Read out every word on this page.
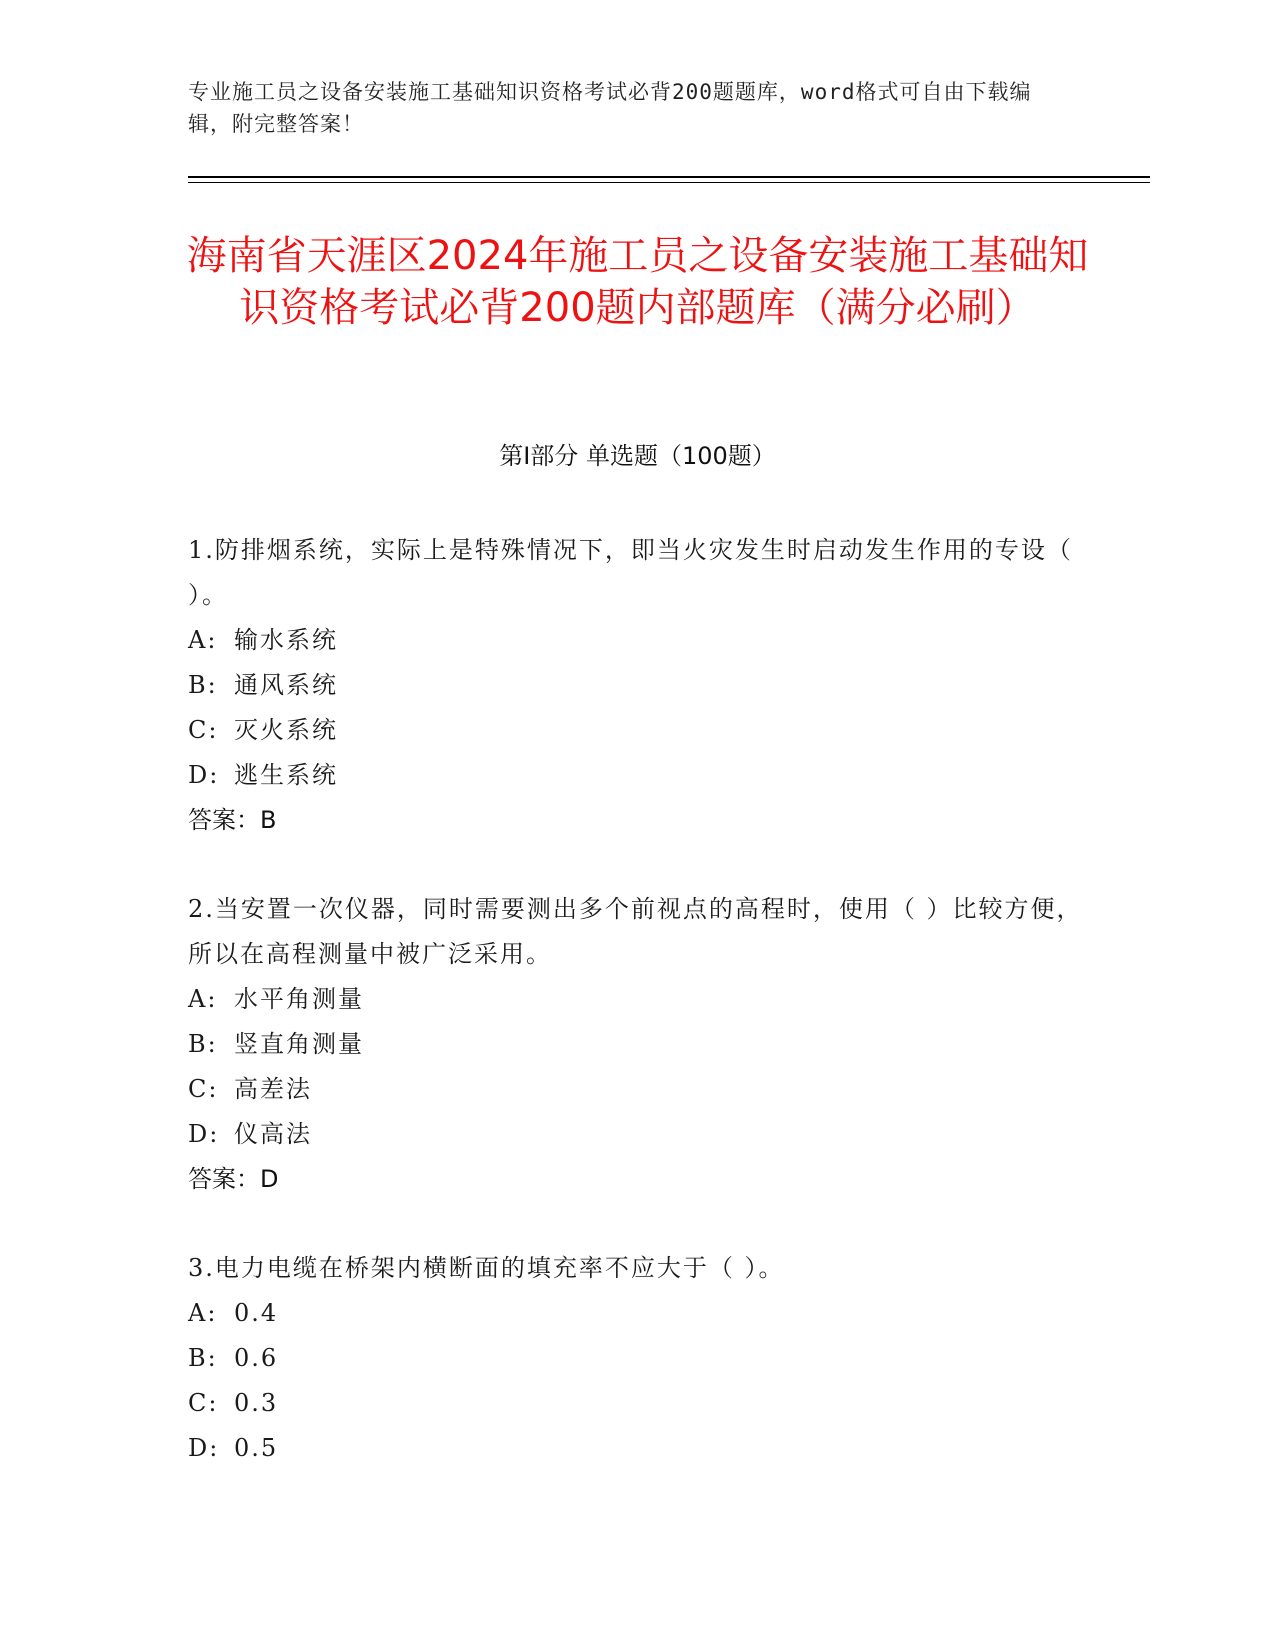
专业施工员之设备安装施工基础知识资格考试必背200题题库，word格式可自由下载编辑，附完整答案！
海南省天涯区2024年施工员之设备安装施工基础知识资格考试必背200题内部题库（满分必刷）
第Ⅰ部分 单选题（100题）

1.防排烟系统，实际上是特殊情况下，即当火灾发生时启动发生作用的专设（ ）。

A: 输水系统
B: 通风系统
C: 灭火系统
D: 逃生系统
答案：B

2.当安置一次仪器，同时需要测出多个前视点的高程时，使用（ ）比较方便，所以在高程测量中被广泛采用。

A: 水平角测量
B: 竖直角测量
C: 高差法
D: 仪高法
答案：D

3.电力电缆在桥架内横断面的填充率不应大于（ ）。

A: 0.4
B: 0.6
C: 0.3
D: 0.5
